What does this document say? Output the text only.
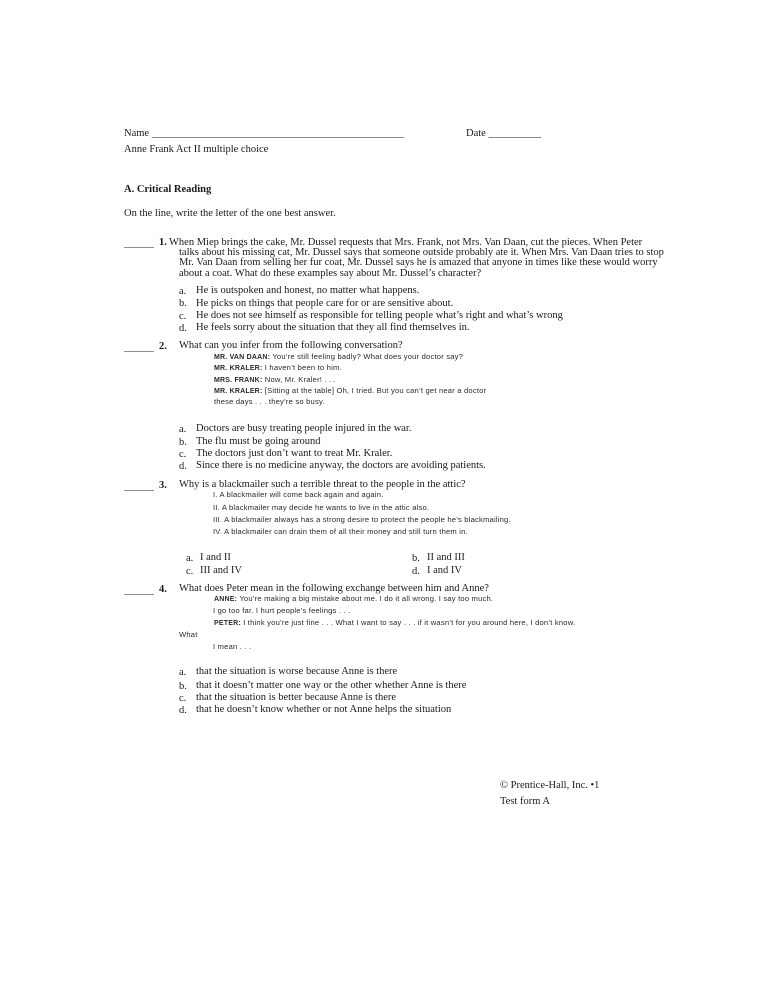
Name ________________________________________________	Date __________
Anne Frank Act II multiple choice
A. Critical Reading
On the line, write the letter of the one best answer.
______ 1. When Miep brings the cake, Mr. Dussel requests that Mrs. Frank, not Mrs. Van Daan, cut the pieces. When Peter
talks about his missing cat, Mr. Dussel says that someone outside probably ate it. When Mrs. Van Daan tries to stop
Mr. Van Daan from selling her fur coat, Mr. Dussel says he is amazed that anyone in times like these would worry
about a coat. What do these examples say about Mr. Dussel’s character?
a. He is outspoken and honest, no matter what happens.
b. He picks on things that people care for or are sensitive about.
c. He does not see himself as responsible for telling people what’s right and what’s wrong
d. He feels sorry about the situation that they all find themselves in.
______ 2. What can you infer from the following conversation?
MR. VAN DAAN: You’re still feeling badly? What does your doctor say?
MR. KRALER: I haven’t been to him.
MRS. FRANK: Now, Mr. Kraler! . . .
MR. KRALER: [Sitting at the table] Oh, I tried. But you can’t get near a doctor
these days . . . they’re so busy.
a. Doctors are busy treating people injured in the war.
b. The flu must be going around
c. The doctors just don’t want to treat Mr. Kraler.
d. Since there is no medicine anyway, the doctors are avoiding patients.
______ 3. Why is a blackmailer such a terrible threat to the people in the attic?
I. A blackmailer will come back again and again.
II. A blackmailer may decide he wants to live in the attic also.
III. A blackmailer always has a strong desire to protect the people he’s blackmailing.
IV. A blackmailer can drain them of all their money and still turn them in.
a. I and II	b. II and III
c. III and IV	d. I and IV
______ 4. What does Peter mean in the following exchange between him and Anne?
ANNE: You’re making a big mistake about me. I do it all wrong. I say too much.
I go too far. I hurt people’s feelings . . .
PETER: I think you’re just fine . . . What I want to say . . . if it wasn’t for you around here, I don’t know.
What
I mean . . .
a. that the situation is worse because Anne is there
b. that it doesn’t matter one way or the other whether Anne is there
c. that the situation is better because Anne is there
d. that he doesn’t know whether or not Anne helps the situation
© Prentice-Hall, Inc. •1
Test form A
